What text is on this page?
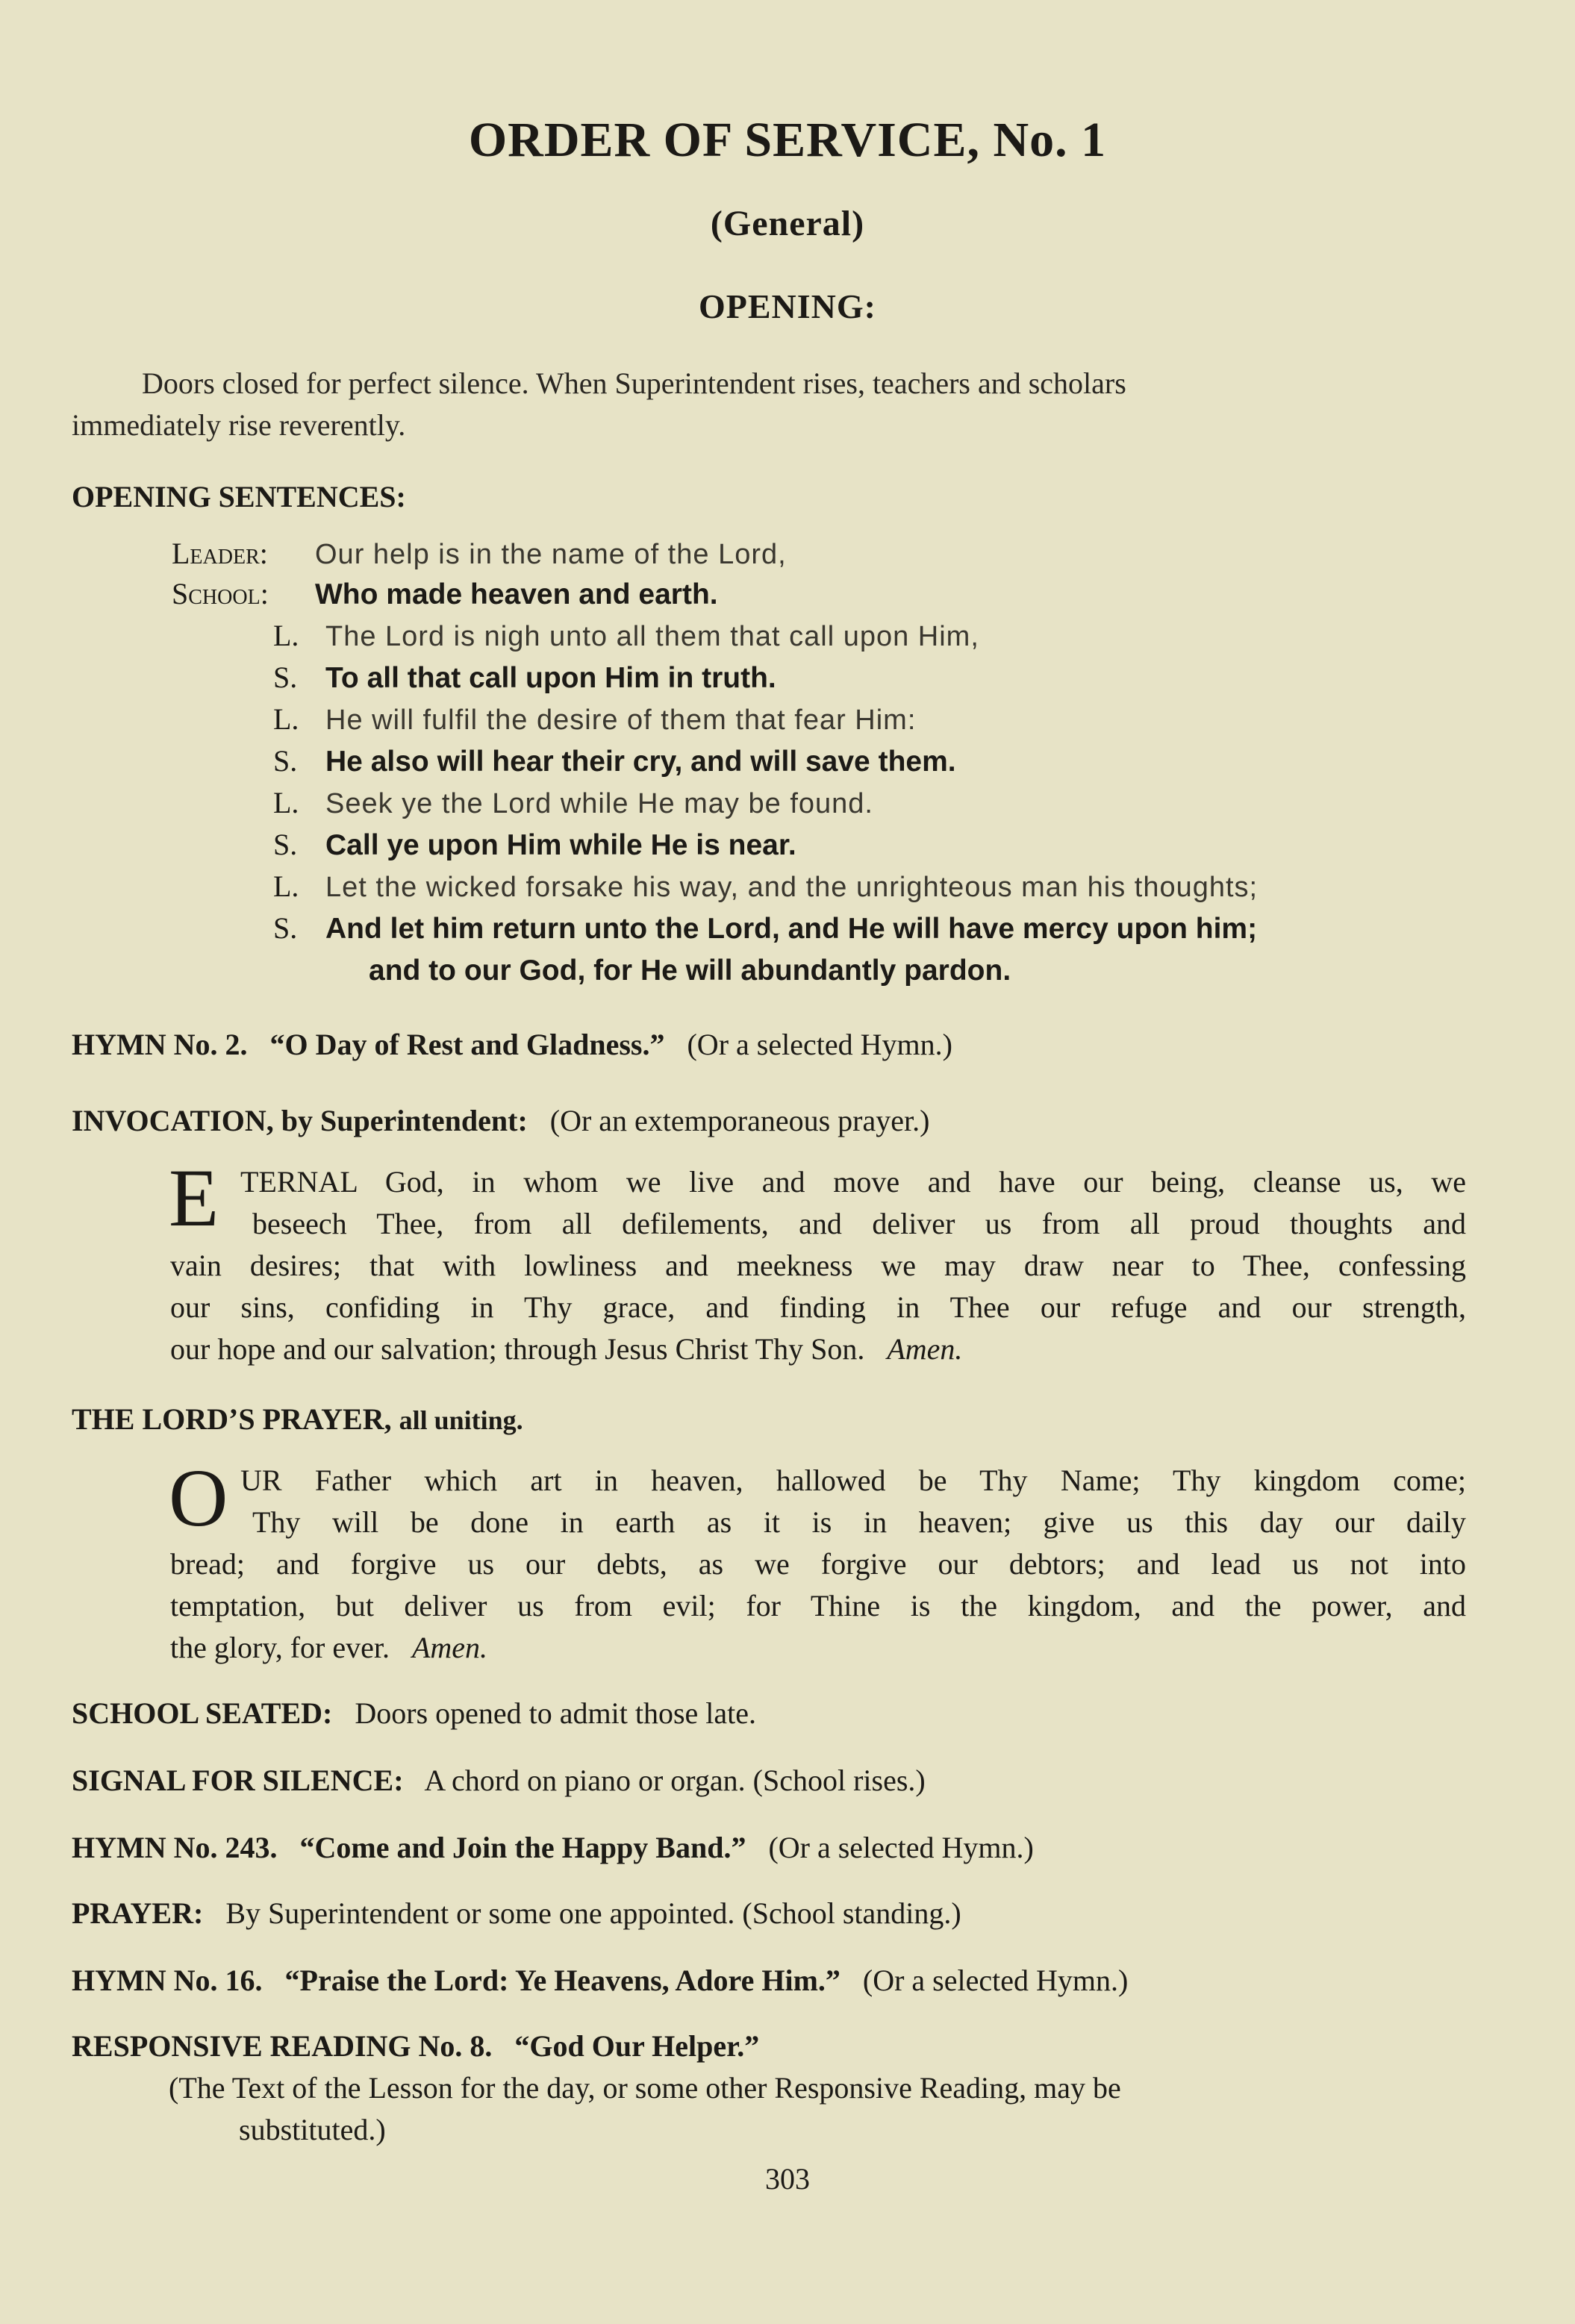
ORDER OF SERVICE, No. 1
(General)
OPENING:
Doors closed for perfect silence. When Superintendent rises, teachers and scholars
immediately rise reverently.
OPENING SENTENCES:
Leader: Our help is in the name of the Lord,
School: Who made heaven and earth.
L. The Lord is nigh unto all them that call upon Him,
S. To all that call upon Him in truth.
L. He will fulfil the desire of them that fear Him:
S. He also will hear their cry, and will save them.
L. Seek ye the Lord while He may be found.
S. Call ye upon Him while He is near.
L. Let the wicked forsake his way, and the unrighteous man his thoughts;
S. And let him return unto the Lord, and He will have mercy upon him;
and to our God, for He will abundantly pardon.
HYMN No. 2. “O Day of Rest and Gladness.” (Or a selected Hymn.)
INVOCATION, by Superintendent: (Or an extemporaneous prayer.)
E TERNAL God, in whom we live and move and have our being, cleanse us, we
beseech Thee, from all defilements, and deliver us from all proud thoughts and
vain desires; that with lowliness and meekness we may draw near to Thee, confessing
our sins, confiding in Thy grace, and finding in Thee our refuge and our strength,
our hope and our salvation; through Jesus Christ Thy Son. Amen.
THE LORD’S PRAYER, all uniting.
O UR Father which art in heaven, hallowed be Thy Name; Thy kingdom come;
Thy will be done in earth as it is in heaven; give us this day our daily
bread; and forgive us our debts, as we forgive our debtors; and lead us not into
temptation, but deliver us from evil; for Thine is the kingdom, and the power, and
the glory, for ever. Amen.
SCHOOL SEATED: Doors opened to admit those late.
SIGNAL FOR SILENCE: A chord on piano or organ. (School rises.)
HYMN No. 243. “Come and Join the Happy Band.” (Or a selected Hymn.)
PRAYER: By Superintendent or some one appointed. (School standing.)
HYMN No. 16. “Praise the Lord: Ye Heavens, Adore Him.” (Or a selected Hymn.)
RESPONSIVE READING No. 8. “God Our Helper.”
(The Text of the Lesson for the day, or some other Responsive Reading, may be
substituted.)
303
